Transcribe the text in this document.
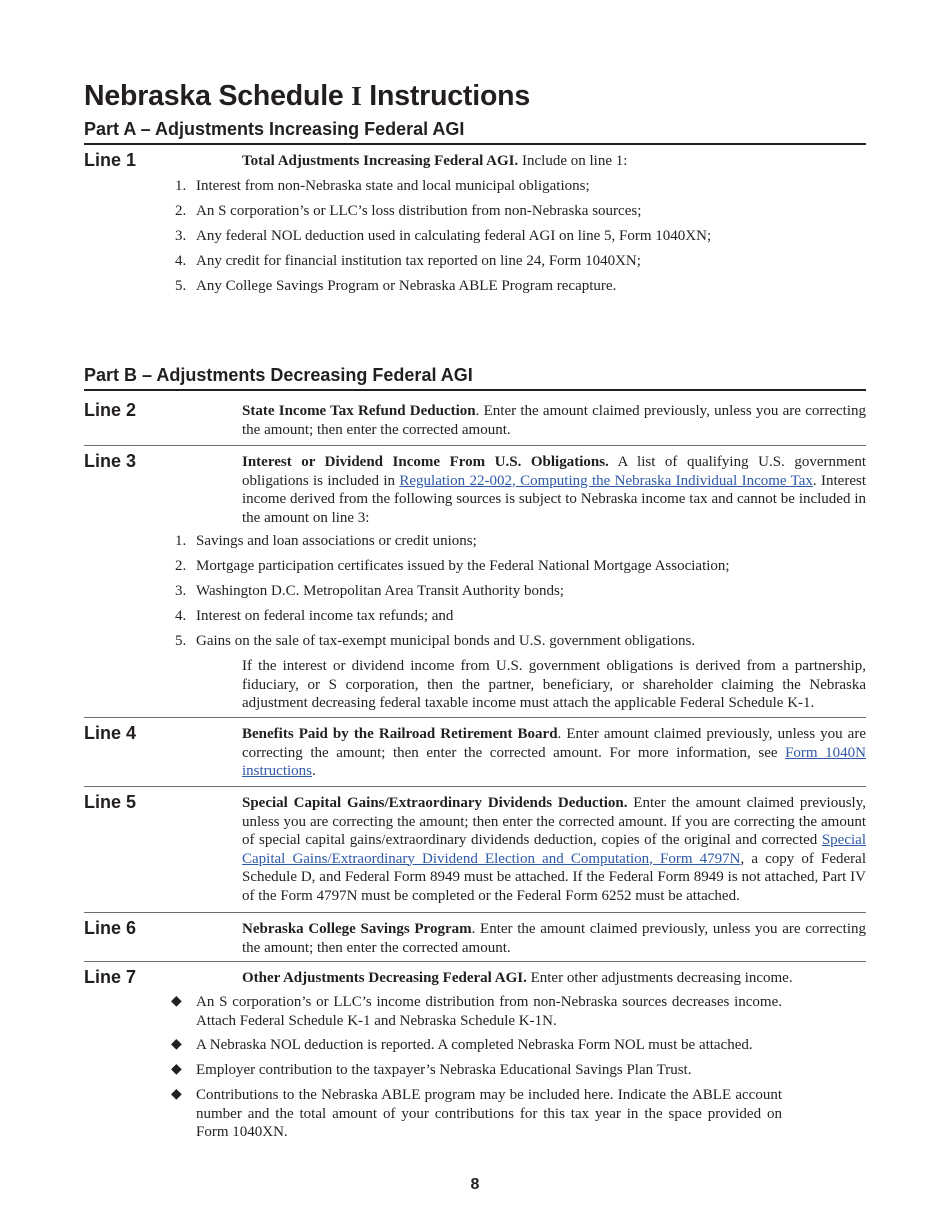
Nebraska Schedule I Instructions
Part A – Adjustments Increasing Federal AGI
Line 1	Total Adjustments Increasing Federal AGI. Include on line 1:
1. Interest from non-Nebraska state and local municipal obligations;
2. An S corporation’s or LLC’s loss distribution from non-Nebraska sources;
3. Any federal NOL deduction used in calculating federal AGI on line 5, Form 1040XN;
4. Any credit for financial institution tax reported on line 24, Form 1040XN;
5. Any College Savings Program or Nebraska ABLE Program recapture.
Part B – Adjustments Decreasing Federal AGI
Line 2	State Income Tax Refund Deduction. Enter the amount claimed previously, unless you are correcting the amount; then enter the corrected amount.
Line 3	Interest or Dividend Income From U.S. Obligations. A list of qualifying U.S. government obligations is included in Regulation 22-002, Computing the Nebraska Individual Income Tax. Interest income derived from the following sources is subject to Nebraska income tax and cannot be included in the amount on line 3:
1. Savings and loan associations or credit unions;
2. Mortgage participation certificates issued by the Federal National Mortgage Association;
3. Washington D.C. Metropolitan Area Transit Authority bonds;
4. Interest on federal income tax refunds; and
5. Gains on the sale of tax-exempt municipal bonds and U.S. government obligations.
If the interest or dividend income from U.S. government obligations is derived from a partnership, fiduciary, or S corporation, then the partner, beneficiary, or shareholder claiming the Nebraska adjustment decreasing federal taxable income must attach the applicable Federal Schedule K-1.
Line 4	Benefits Paid by the Railroad Retirement Board. Enter amount claimed previously, unless you are correcting the amount; then enter the corrected amount. For more information, see Form 1040N instructions.
Line 5	Special Capital Gains/Extraordinary Dividends Deduction. Enter the amount claimed previously, unless you are correcting the amount; then enter the corrected amount. If you are correcting the amount of special capital gains/extraordinary dividends deduction, copies of the original and corrected Special Capital Gains/Extraordinary Dividend Election and Computation, Form 4797N, a copy of Federal Schedule D, and Federal Form 8949 must be attached. If the Federal Form 8949 is not attached, Part IV of the Form 4797N must be completed or the Federal Form 6252 must be attached.
Line 6	Nebraska College Savings Program. Enter the amount claimed previously, unless you are correcting the amount; then enter the corrected amount.
Line 7	Other Adjustments Decreasing Federal AGI. Enter other adjustments decreasing income.
◆ An S corporation’s or LLC’s income distribution from non-Nebraska sources decreases income. Attach Federal Schedule K-1 and Nebraska Schedule K-1N.
◆ A Nebraska NOL deduction is reported. A completed Nebraska Form NOL must be attached.
◆ Employer contribution to the taxpayer’s Nebraska Educational Savings Plan Trust.
◆ Contributions to the Nebraska ABLE program may be included here. Indicate the ABLE account number and the total amount of your contributions for this tax year in the space provided on Form 1040XN.
8
